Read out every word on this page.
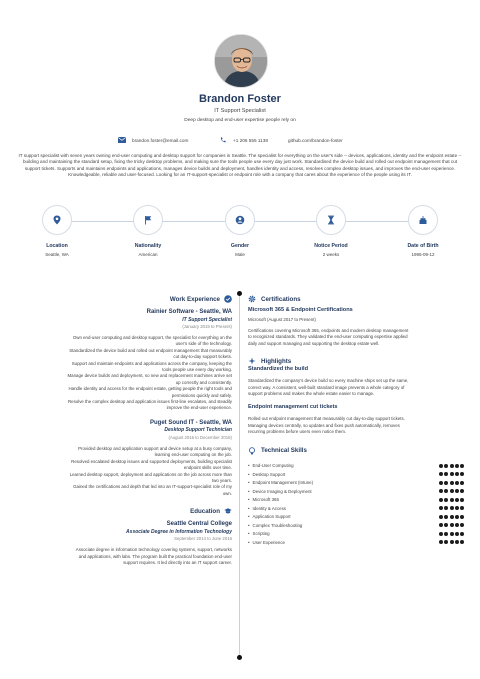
Brandon Foster
IT Support Specialist
Deep desktop and end-user expertise people rely on
brandon.foster@email.com	+1 206 555 1138	github.com/brandon-foster
IT support specialist with seven years owning end-user computing and desktop support for companies in Seattle. The specialist for everything on the user's side -- devices, applications, identity and the endpoint estate -- building and maintaining the standard setup, fixing the tricky desktop problems, and making sure the tools people use every day just work. Standardised the device build and rolled out endpoint management that cut support tickets. Supports and maintains endpoints and applications, manages device builds and deployment, handles identity and access, resolves complex desktop issues, and improves the end-user experience. Knowledgeable, reliable and user-focused. Looking for an IT-support-specialist or endpoint role with a company that cares about the experience of the people using its IT.
Location
Seattle, WA
Nationality
American
Gender
Male
Notice Period
2 weeks
Date of Birth
1995-09-12
Work Experience
Rainier Software - Seattle, WA
IT Support Specialist
(January 2019 to Present)

Own end-user computing and desktop support, the specialist for everything on the

user's side of the technology.

Standardized the device build and rolled out endpoint management that measurably

cut day-to-day support tickets.

Support and maintain endpoints and applications across the company, keeping the

tools people use every day working.

Manage device builds and deployment, so new and replacement machines arrive set

up correctly and consistently.

Handle identity and access for the endpoint estate, getting people the right tools and

permissions quickly and safely.

Resolve the complex desktop and application issues first-line escalates, and steadily

improve the end-user experience.

Puget Sound IT - Seattle, WA
Desktop Support Technician
(August 2016 to December 2018)

Provided desktop and application support and device setup at a busy company,

learning end-user computing on the job.

Resolved escalated desktop issues and supported deployments, building specialist

endpoint skills over time.

Learned desktop support, deployment and applications on the job across more than

two years.

Gained the certifications and depth that led into an IT-support-specialist role of my

own.

Education
Seattle Central College
Associate Degree in Information Technology
September 2014 to June 2016

Associate degree in information technology covering systems, support, networks

and applications, with labs. The program built the practical foundation end-user

support requires. It led directly into an IT support career.

Certifications
Microsoft 365 & Endpoint Certifications
Microsoft (August 2017 to Present)

Certifications covering Microsoft 365, endpoints and modern desktop management

to recognized standards. They validated the end-user computing expertise applied

daily and support managing and supporting the desktop estate well.

Highlights
Standardized the build

Standardized the company's device build so every machine ships set up the same,

correct way. A consistent, well-built standard image prevents a whole category of

support problems and makes the whole estate easier to manage.

Endpoint management cut tickets

Rolled out endpoint management that measurably cut day-to-day support tickets.

Managing devices centrally, so updates and fixes push automatically, removes

recurring problems before users even notice them.

Technical Skills
• End-User Computing
• Desktop Support
• Endpoint Management (Intune)
• Device Imaging & Deployment
• Microsoft 365
• Identity & Access
• Application Support
• Complex Troubleshooting
• Scripting
• User Experience
